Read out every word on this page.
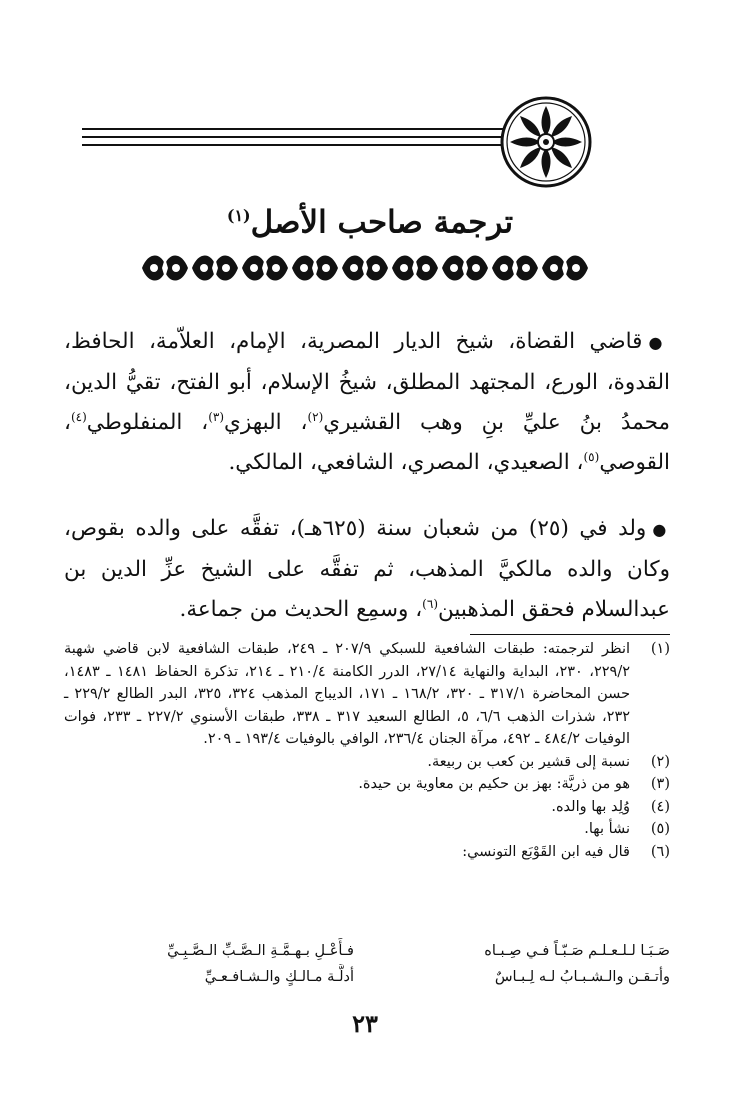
ترجمة صاحب الأصل$^{(١)}$

●قاضي القضاة، شيخ الديار المصرية، الإمام، العلاّمة، الحافظ، القدوة، الورع، المجتهد المطلق، شيخُ الإسلام، أبو الفتح، تقيُّ الدين، محمدُ بنُ عليِّ بنِ وهب القشيري$^{(٢)}$، البهزي$^{(٣)}$، المنفلوطي$^{(٤)}$، القوصي$^{(٥)}$، الصعيدي، المصري، الشافعي، المالكي.

●ولد في (٢٥) من شعبان سنة (٦٢٥هـ)، تفقَّه على والده بقوص، وكان والده مالكيَّ المذهب، ثم تفقَّه على الشيخ عزِّ الدين بن عبدالسلام فحقق المذهبين$^{(٦)}$، وسمِع الحديث من جماعة.

(١)
انظر لترجمته: طبقات الشافعية للسبكي ٢٠٧/٩ ـ ٢٤٩، طبقات الشافعية لابن قاضي شهبة ٢٢٩/٢، ٢٣٠، البداية والنهاية ٢٧/١٤، الدرر الكامنة ٢١٠/٤ ـ ٢١٤، تذكرة الحفاظ ١٤٨١ ـ ١٤٨٣، حسن المحاضرة ٣١٧/١ ـ ٣٢٠، ١٦٨/٢ ـ ١٧١، الديباج المذهب ٣٢٤، ٣٢٥، البدر الطالع ٢٢٩/٢ ـ ٢٣٢، شذرات الذهب ٦/٦، ٥، الطالع السعيد ٣١٧ ـ ٣٣٨، طبقات الأسنوي ٢٢٧/٢ ـ ٢٣٣، فوات الوفيات ٤٨٤/٢ ـ ٤٩٢، مرآة الجنان ٢٣٦/٤، الوافي بالوفيات ١٩٣/٤ ـ ٢٠٩.

(٢)
نسبة إلى قشير بن كعب بن ربيعة.

(٣)
هو من ذريَّة: بهز بن حكيم بن معاوية بن حيدة.

(٤)
وُلِد بها والده.

(٥)
نشأ بها.

(٦)
قال فيه ابن القَوْبَع التونسي:

صَـبَـا لـلـعـلـم صَـبّـاً فـي صِـبـاه
فـأَعْـلِ بـهـمَّـةِ الـصَّـبِّ الـصَّـبِـيِّ
وأتـقـن والـشـبـابُ لـه لِـبـاسٌ
أدلَّـة مـالـكٍ والـشـافـعـيِّ
٢٣
